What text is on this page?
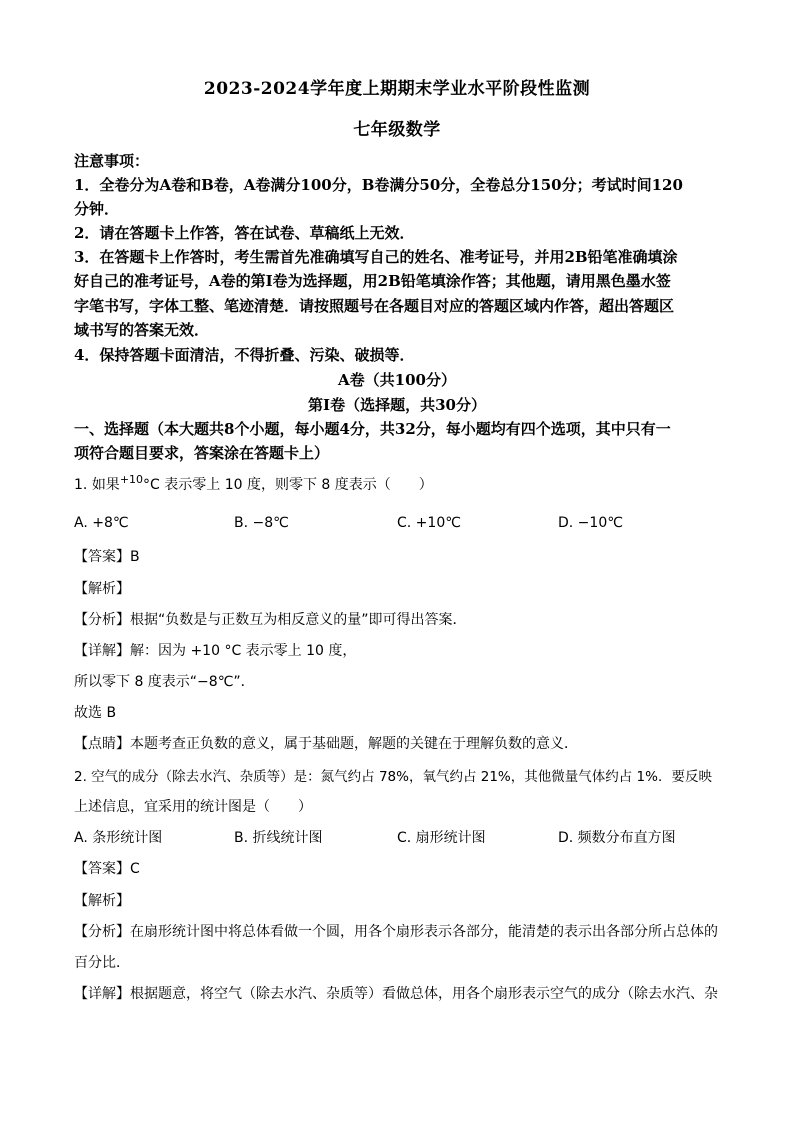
2023-2024学年度上期期末学业水平阶段性监测
七年级数学
注意事项：
1．全卷分为A卷和B卷，A卷满分100分，B卷满分50分，全卷总分150分；考试时间120
分钟．
2．请在答题卡上作答，答在试卷、草稿纸上无效．
3．在答题卡上作答时，考生需首先准确填写自己的姓名、准考证号，并用2B铅笔准确填涂
好自己的准考证号，A卷的第Ⅰ卷为选择题，用2B铅笔填涂作答；其他题，请用黑色墨水签
字笔书写，字体工整、笔迹清楚．请按照题号在各题目对应的答题区域内作答，超出答题区
域书写的答案无效．
4．保持答题卡面清洁，不得折叠、污染、破损等．
A卷（共100分）
第Ⅰ卷（选择题，共30分）
一、选择题（本大题共8个小题，每小题4分，共32分，每小题均有四个选项，其中只有一
项符合题目要求，答案涂在答题卡上）
1. 如果$^{+10}$°C 表示零上 10 度，则零下 8 度表示（　　）
A. +8℃	B. −8℃	C. +10℃	D. −10℃
【答案】B
【解析】
【分析】根据“负数是与正数互为相反意义的量”即可得出答案．
【详解】解：因为 +10 °C 表示零上 10 度，
所以零下 8 度表示“−8℃”．
故选 B
【点睛】本题考查正负数的意义，属于基础题，解题的关键在于理解负数的意义．
2. 空气的成分（除去水汽、杂质等）是：氮气约占 78%，氧气约占 21%，其他微量气体约占 1%．要反映
上述信息，宜采用的统计图是（　　）
A. 条形统计图	B. 折线统计图	C. 扇形统计图	D. 频数分布直方图
【答案】C
【解析】
【分析】在扇形统计图中将总体看做一个圆，用各个扇形表示各部分，能清楚的表示出各部分所占总体的
百分比．
【详解】根据题意，将空气（除去水汽、杂质等）看做总体，用各个扇形表示空气的成分（除去水汽、杂
